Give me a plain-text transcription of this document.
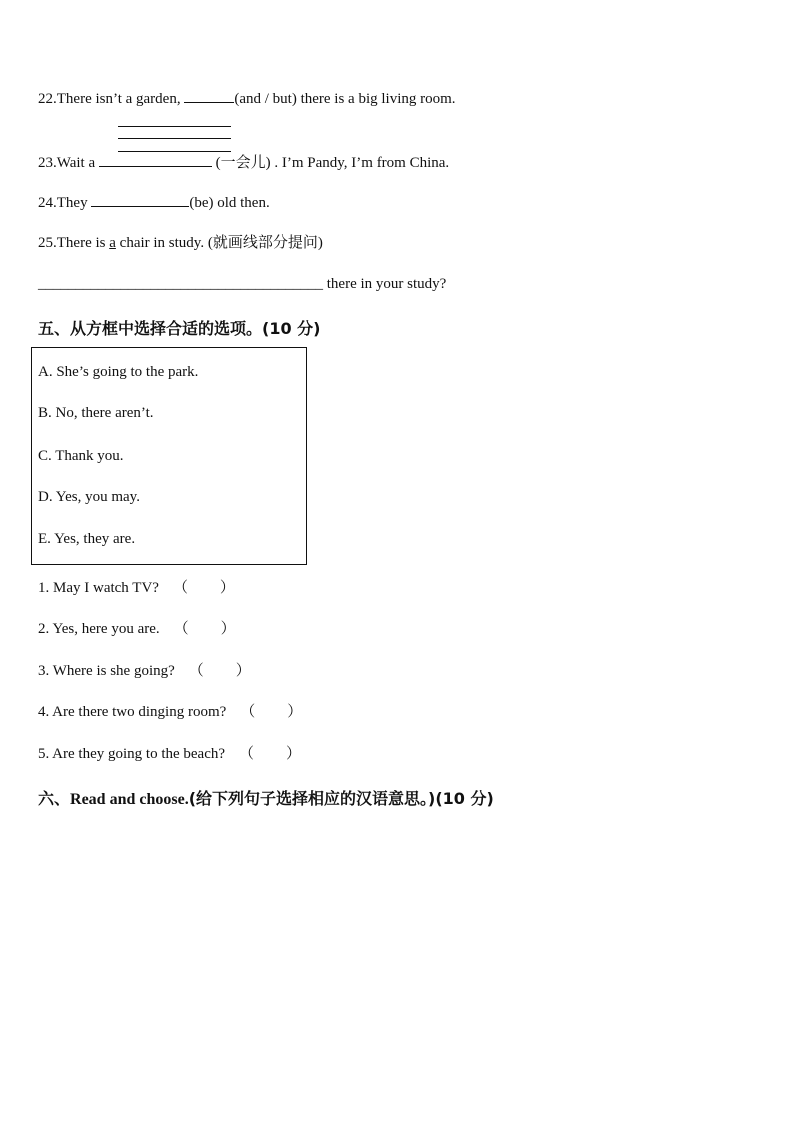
22.There isn’t a garden,	(and / but) there is a big living room.
23.Wait a	(一会儿) . I’m Pandy, I’m from China.
24.They	(be) old then.
25.There is a chair in study. (就画线部分提问)
______________________________________ there in your study?
五、从方框中选择合适的选项。(10 分)
A. She’s going to the park.
B. No, there aren’t.
C. Thank you.
D. Yes, you may.
E. Yes, they are.
1. May I watch TV? （ ）
2. Yes, here you are. （ ）
3. Where is she going? （ ）
4. Are there two dinging room? （ ）
5. Are they going to the beach? （ ）
六、Read and choose.(给下列句子选择相应的汉语意思。)(10 分)
